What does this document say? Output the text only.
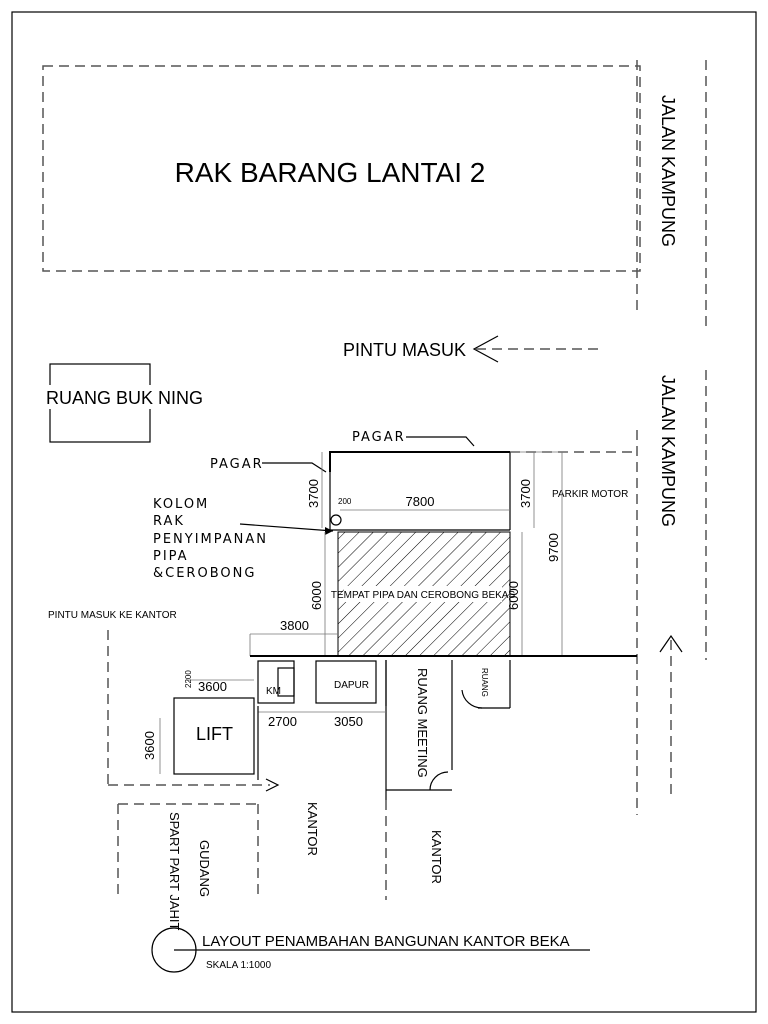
RAK BARANG LANTAI 2	JALAN KAMPUNG
JALAN KAMPUNG
PINTU MASUK
RUANG BUK NING
PAGAR
PAGAR
KOLOM
RAK
PENYIMPANAN
PIPA
&CEROBONG
PARKIR MOTOR
TEMPAT PIPA DAN CEROBONG BEKAS
7800
200
3700	3700
6000	6000
9700
3800
KM
DAPUR	RUANG MEETING	RUANG
LIFT
3600
2200
3600
2700	3050
PINTU MASUK KE KANTOR
SPART PART JAHIT GUDANG
KANTOR
KANTOR
LAYOUT PENAMBAHAN BANGUNAN KANTOR BEKA
SKALA 1:1000
